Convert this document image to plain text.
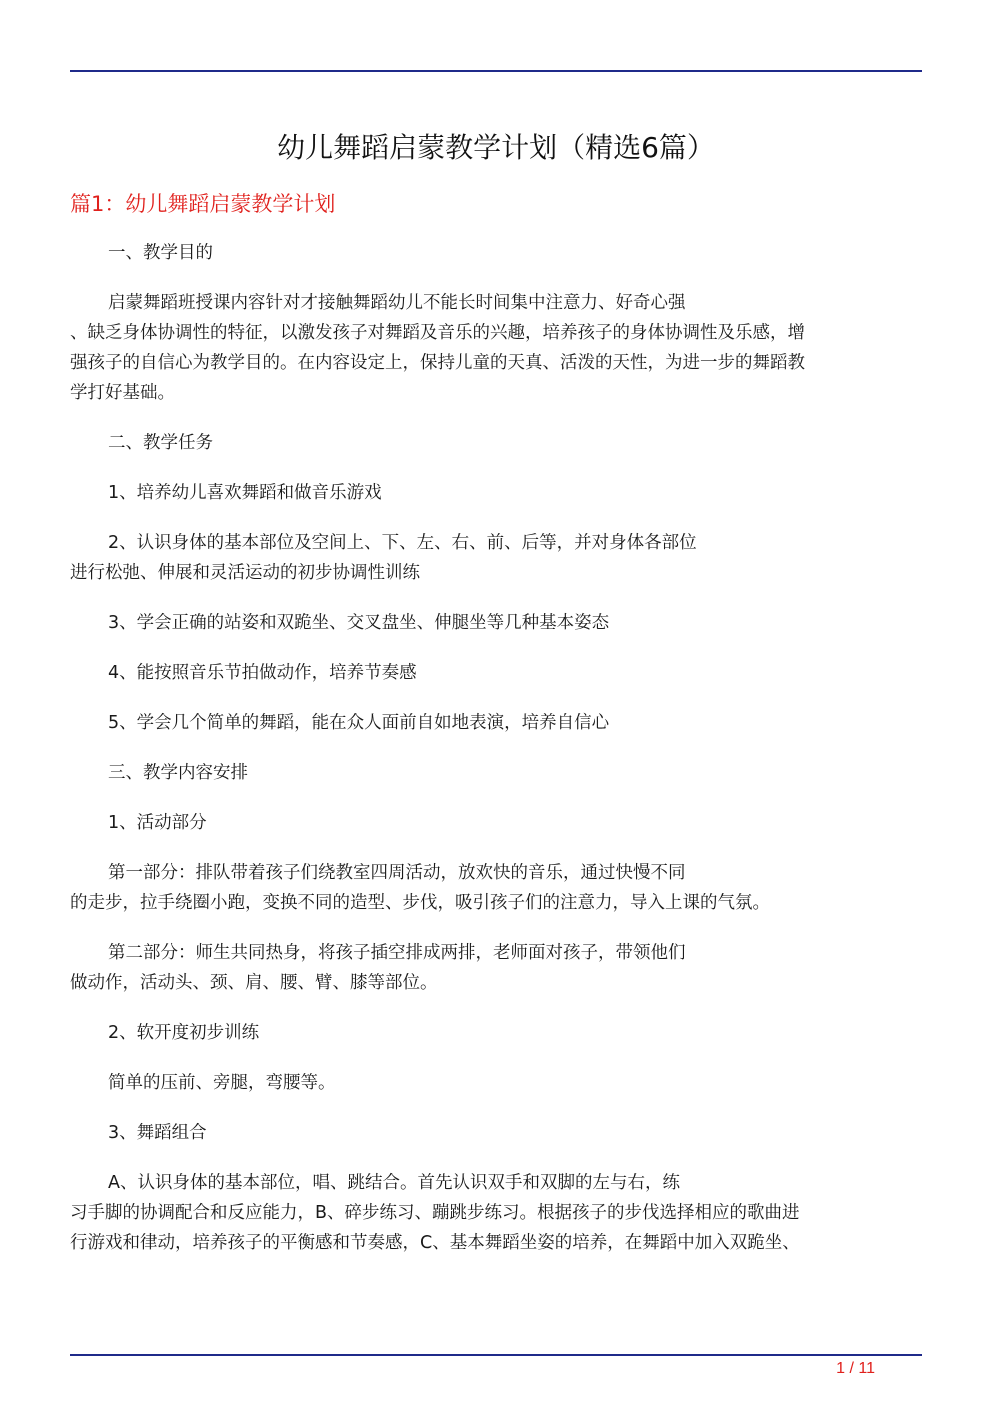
幼儿舞蹈启蒙教学计划（精选6篇）
篇1：幼儿舞蹈启蒙教学计划

一、教学目的

启蒙舞蹈班授课内容针对才接触舞蹈幼儿不能长时间集中注意力、好奇心强
、缺乏身体协调性的特征，以激发孩子对舞蹈及音乐的兴趣，培养孩子的身体协调性及乐感，增
强孩子的自信心为教学目的。在内容设定上，保持儿童的天真、活泼的天性，为进一步的舞蹈教
学打好基础。

二、教学任务

1、培养幼儿喜欢舞蹈和做音乐游戏

2、认识身体的基本部位及空间上、下、左、右、前、后等，并对身体各部位
进行松弛、伸展和灵活运动的初步协调性训练

3、学会正确的站姿和双跪坐、交叉盘坐、伸腿坐等几种基本姿态

4、能按照音乐节拍做动作，培养节奏感

5、学会几个简单的舞蹈，能在众人面前自如地表演，培养自信心

三、教学内容安排

1、活动部分

第一部分：排队带着孩子们绕教室四周活动，放欢快的音乐，通过快慢不同
的走步，拉手绕圈小跑，变换不同的造型、步伐，吸引孩子们的注意力，导入上课的气氛。

第二部分：师生共同热身，将孩子插空排成两排，老师面对孩子，带领他们
做动作，活动头、颈、肩、腰、臂、膝等部位。

2、软开度初步训练

简单的压前、旁腿，弯腰等。

3、舞蹈组合

A、认识身体的基本部位，唱、跳结合。首先认识双手和双脚的左与右，练
习手脚的协调配合和反应能力，B、碎步练习、蹦跳步练习。根据孩子的步伐选择相应的歌曲进
行游戏和律动，培养孩子的平衡感和节奏感，C、基本舞蹈坐姿的培养，在舞蹈中加入双跪坐、

1 / 11
